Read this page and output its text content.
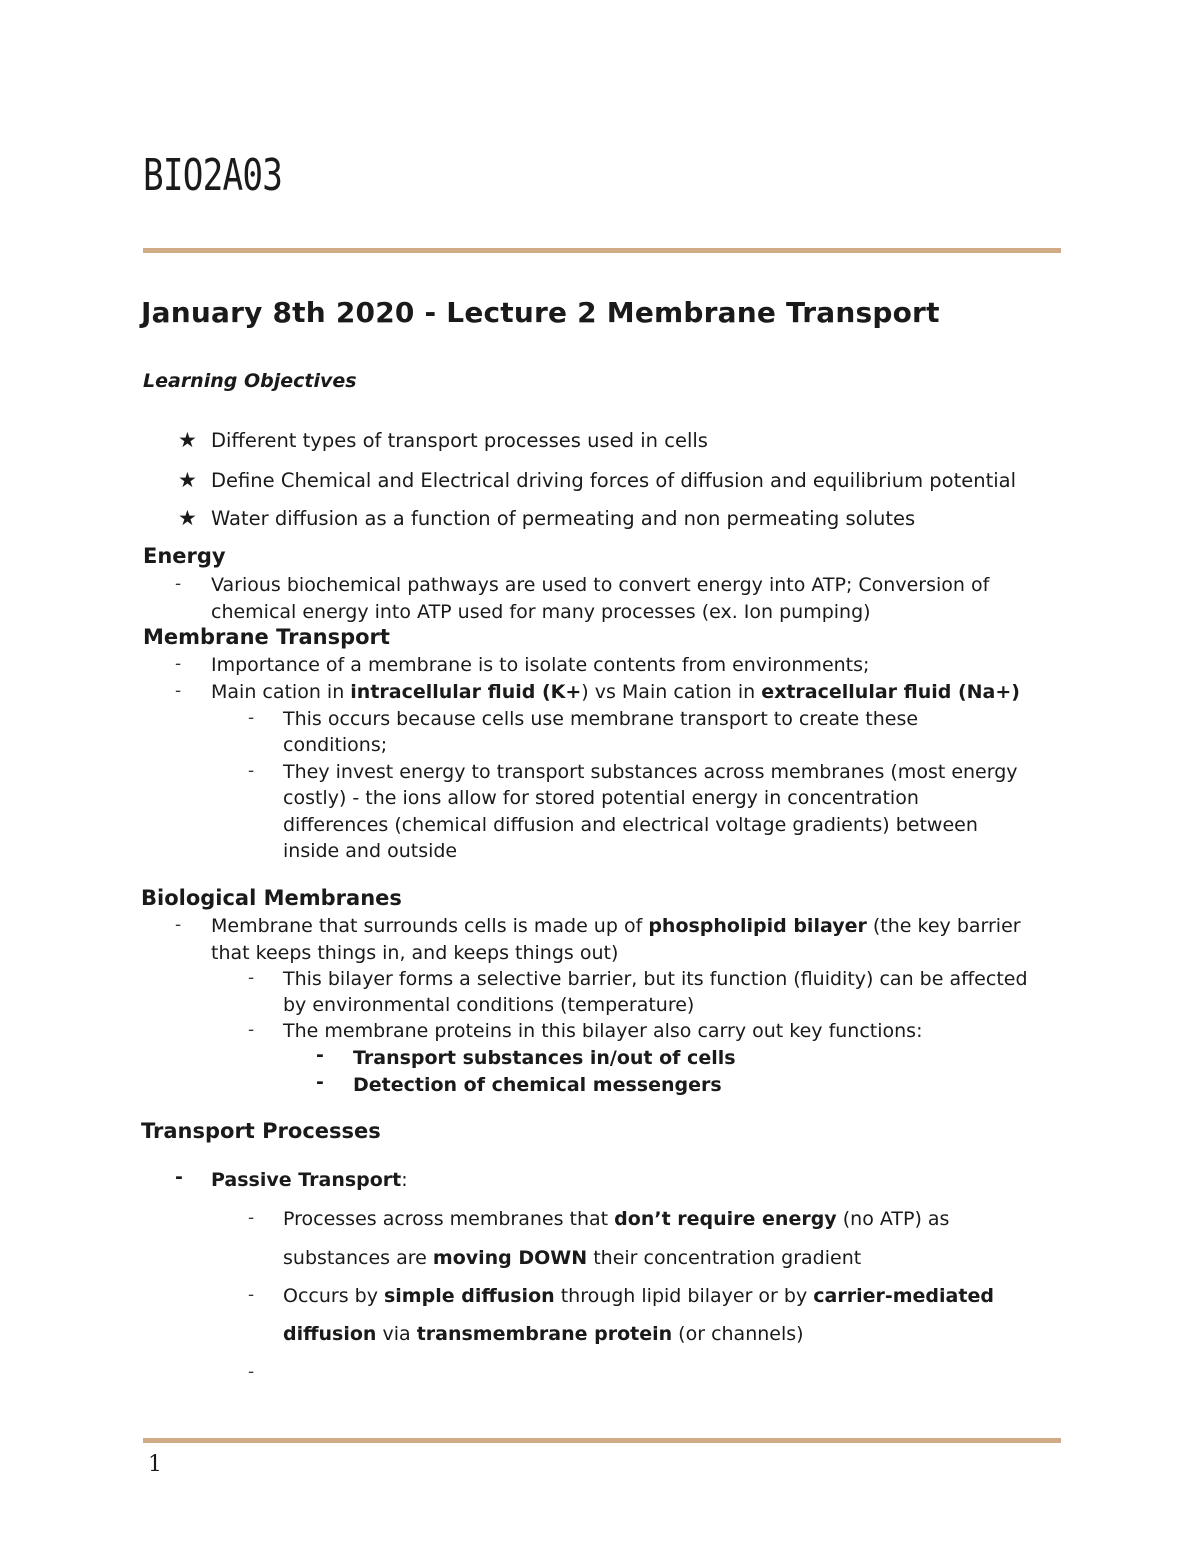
BIO2A03
January 8th 2020 - Lecture 2 Membrane Transport
Learning Objectives
★ Different types of transport processes used in cells
★ Define Chemical and Electrical driving forces of diffusion and equilibrium potential
★ Water diffusion as a function of permeating and non permeating solutes
Energy
- Various biochemical pathways are used to convert energy into ATP; Conversion of
chemical energy into ATP used for many processes (ex. Ion pumping)
Membrane Transport
- Importance of a membrane is to isolate contents from environments;
- Main cation in intracellular fluid (K+) vs Main cation in extracellular fluid (Na+)
- This occurs because cells use membrane transport to create these
conditions;
- They invest energy to transport substances across membranes (most energy
costly) - the ions allow for stored potential energy in concentration
differences (chemical diffusion and electrical voltage gradients) between
inside and outside
Biological Membranes
- Membrane that surrounds cells is made up of phospholipid bilayer (the key barrier
that keeps things in, and keeps things out)
- This bilayer forms a selective barrier, but its function (fluidity) can be affected
by environmental conditions (temperature)
- The membrane proteins in this bilayer also carry out key functions:
- Transport substances in/out of cells
- Detection of chemical messengers
Transport Processes
- Passive Transport:
- Processes across membranes that don’t require energy (no ATP) as
substances are moving DOWN their concentration gradient
- Occurs by simple diffusion through lipid bilayer or by carrier-mediated
diffusion via transmembrane protein (or channels)
-
1
